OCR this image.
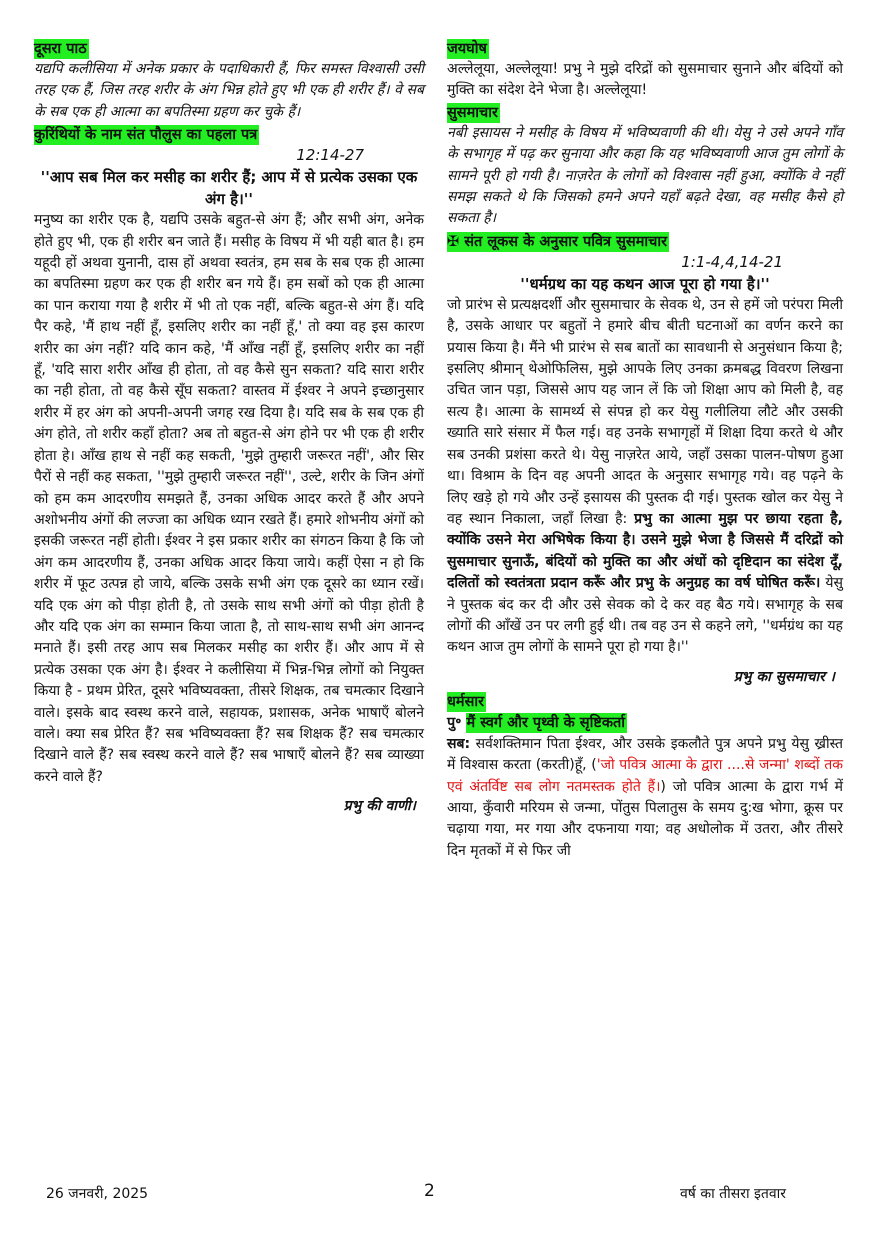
दूसरा पाठ

यद्यपि कलीसिया में अनेक प्रकार के पदाधिकारी हैं, फिर समस्त विश्वासी उसी तरह एक हैं, जिस तरह शरीर के अंग भिन्न होते हुए भी एक ही शरीर हैं। वे सब के सब एक ही आत्मा का बपतिस्मा ग्रहण कर चुके हैं।

कुरिंथियों के नाम संत पौलुस का पहला पत्र

12:14-27

''आप सब मिल कर मसीह का शरीर हैं; आप में से प्रत्येक उसका एक अंग है।''

मनुष्य का शरीर एक है, यद्यपि उसके बहुत-से अंग हैं; और सभी अंग, अनेक होते हुए भी, एक ही शरीर बन जाते हैं। मसीह के विषय में भी यही बात है। हम यहूदी हों अथवा युनानी, दास हों अथवा स्वतंत्र, हम सब के सब एक ही आत्मा का बपतिस्मा ग्रहण कर एक ही शरीर बन गये हैं। हम सबों को एक ही आत्मा का पान कराया गया है शरीर में भी तो एक नहीं, बल्कि बहुत-से अंग हैं। यदि पैर कहे, 'मैं हाथ नहीं हूँ, इसलिए शरीर का नहीं हूँ,' तो क्या वह इस कारण शरीर का अंग नहीं? यदि कान कहे, 'मैं आँख नहीं हूँ, इसलिए शरीर का नहीं हूँ, 'यदि सारा शरीर आँख ही होता, तो वह कैसे सुन सकता? यदि सारा शरीर का नही होता, तो वह कैसे सूँघ सकता? वास्तव में ईश्वर ने अपने इच्छानुसार शरीर में हर अंग को अपनी-अपनी जगह रख दिया है। यदि सब के सब एक ही अंग होते, तो शरीर कहाँ होता? अब तो बहुत-से अंग होने पर भी एक ही शरीर होता हे। आँख हाथ से नहीं कह सकती, 'मुझे तुम्हारी जरूरत नहीं', और सिर पैरों से नहीं कह सकता, ''मुझे तुम्हारी जरूरत नहीं'', उल्टे, शरीर के जिन अंगों को हम कम आदरणीय समझते हैं, उनका अधिक आदर करते हैं और अपने अशोभनीय अंगों की लज्जा का अधिक ध्यान रखते हैं। हमारे शोभनीय अंगों को इसकी जरूरत नहीं होती। ईश्वर ने इस प्रकार शरीर का संगठन किया है कि जो अंग कम आदरणीय हैं, उनका अधिक आदर किया जाये। कहीं ऐसा न हो कि शरीर में फूट उत्पन्न हो जाये, बल्कि उसके सभी अंग एक दूसरे का ध्यान रखें। यदि एक अंग को पीड़ा होती है, तो उसके साथ सभी अंगों को पीड़ा होती है और यदि एक अंग का सम्मान किया जाता है, तो साथ-साथ सभी अंग आनन्द मनाते हैं। इसी तरह आप सब मिलकर मसीह का शरीर हैं। और आप में से प्रत्येक उसका एक अंग है। ईश्वर ने कलीसिया में भिन्न-भिन्न लोगों को नियुक्त किया है - प्रथम प्रेरित, दूसरे भविष्यवक्ता, तीसरे शिक्षक, तब चमत्कार दिखाने वाले। इसके बाद स्वस्थ करने वाले, सहायक, प्रशासक, अनेक भाषाएँ बोलने वाले। क्या सब प्रेरित हैं? सब भविष्यवक्ता हैं? सब शिक्षक हैं? सब चमत्कार दिखाने वाले हैं? सब स्वस्थ करने वाले हैं? सब भाषाएँ बोलने हैं? सब व्याख्या करने वाले हैं?

प्रभु की वाणी।

जयघोष

अल्लेलूया, अल्लेलूया! प्रभु ने मुझे दरिद्रों को सुसमाचार सुनाने और बंदियों को मुक्ति का संदेश देने भेजा है। अल्लेलूया!

सुसमाचार

नबी इसायस ने मसीह के विषय में भविष्यवाणी की थी। येसु ने उसे अपने गाँव के सभागृह में पढ़ कर सुनाया और कहा कि यह भविष्यवाणी आज तुम लोगों के सामने पूरी हो गयी है। नाज़रेत के लोगों को विश्वास नहीं हुआ, क्योंकि वे नहीं समझ सकते थे कि जिसको हमने अपने यहाँ बढ़ते देखा, वह मसीह कैसे हो सकता है।

✠ संत लूकस के अनुसार पवित्र सुसमाचार

1:1-4,4,14-21

''धर्मग्रथ का यह कथन आज पूरा हो गया है।''

जो प्रारंभ से प्रत्यक्षदर्शी और सुसमाचार के सेवक थे, उन से हमें जो परंपरा मिली है, उसके आधार पर बहुतों ने हमारे बीच बीती घटनाओं का वर्णन करने का प्रयास किया है। मैंने भी प्रारंभ से सब बातों का सावधानी से अनुसंधान किया है; इसलिए श्रीमान् थेओफिलिस, मुझे आपके लिए उनका क्रमबद्ध विवरण लिखना उचित जान पड़ा, जिससे आप यह जान लें कि जो शिक्षा आप को मिली है, वह सत्य है। आत्मा के सामर्थ्य से संपन्न हो कर येसु गलीलिया लौटे और उसकी ख्याति सारे संसार में फैल गई। वह उनके सभागृहों में शिक्षा दिया करते थे और सब उनकी प्रशंसा करते थे। येसु नाज़रेत आये, जहाँ उसका पालन-पोषण हुआ था। विश्राम के दिन वह अपनी आदत के अनुसार सभागृह गये। वह पढ़ने के लिए खड़े हो गये और उन्हें इसायस की पुस्तक दी गई। पुस्तक खोल कर येसु ने वह स्थान निकाला, जहाँ लिखा है: प्रभु का आत्मा मुझ पर छाया रहता है, क्योंकि उसने मेरा अभिषेक किया है। उसने मुझे भेजा है जिससे मैं दरिद्रों को सुसमाचार सुनाऊँ, बंदियों को मुक्ति का और अंधों को दृष्टिदान का संदेश दूँ, दलितों को स्वतंत्रता प्रदान करूँ और प्रभु के अनुग्रह का वर्ष घोषित करूँ। येसु ने पुस्तक बंद कर दी और उसे सेवक को दे कर वह बैठ गये। सभागृह के सब लोगों की आँखें उन पर लगी हुई थी। तब वह उन से कहने लगे, ''धर्मग्रंथ का यह कथन आज तुम लोगों के सामने पूरा हो गया है।''

प्रभु का सुसमाचार ।

धर्मसार

पु॰ मैं स्वर्ग और पृथ्वी के सृष्टिकर्ता

सब: सर्वशक्तिमान पिता ईश्वर, और उसके इकलौते पुत्र अपने प्रभु येसु ख्रीस्त में विश्वास करता (करती)हूँ, ('जो पवित्र आत्मा के द्वारा ....से जन्मा' शब्दों तक एवं अंतर्विष्ट सब लोग नतमस्तक होते हैं।) जो पवित्र आत्मा के द्वारा गर्भ में आया, कुँवारी मरियम से जन्मा, पोंतुस पिलातुस के समय दु:ख भोगा, क्रूस पर चढ़ाया गया, मर गया और दफनाया गया; वह अधोलोक में उतरा, और तीसरे दिन मृतकों में से फिर जी

26 जनवरी, 2025	2	वर्ष का तीसरा इतवार
